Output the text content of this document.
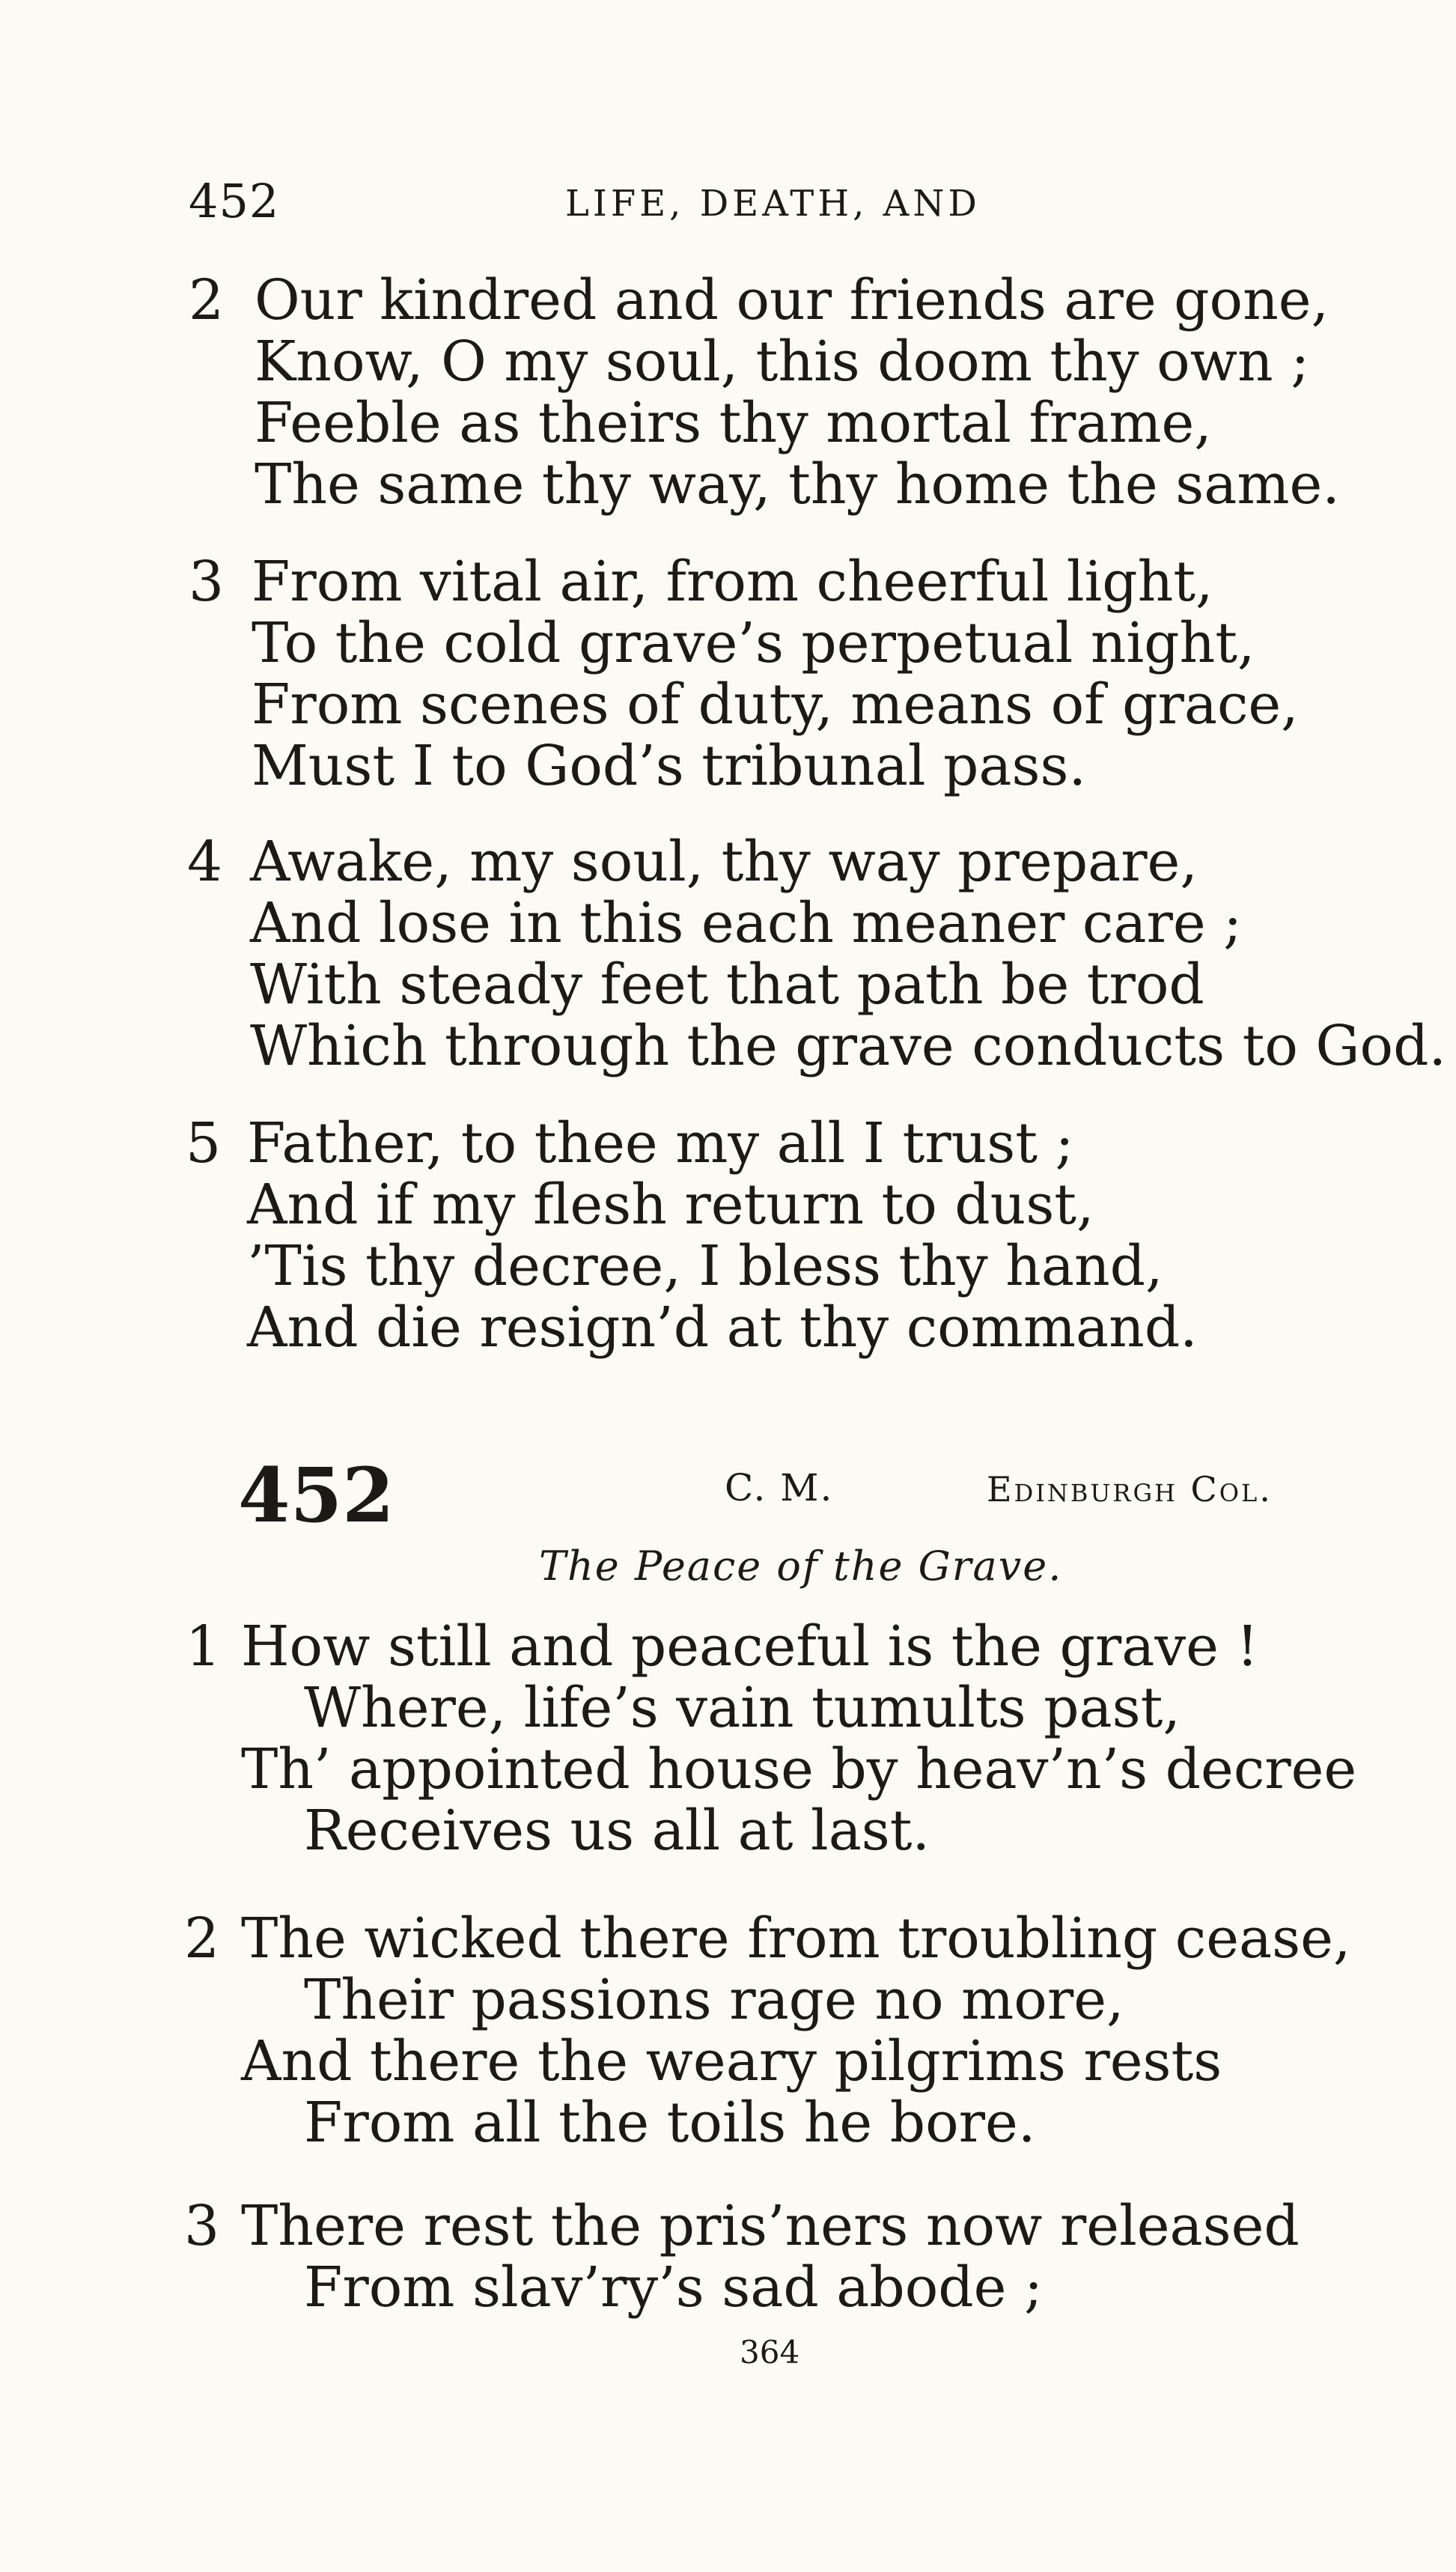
452	LIFE, DEATH, AND
2 Our kindred and our friends are gone,
Know, O my soul, this doom thy own ;
Feeble as theirs thy mortal frame,
The same thy way, thy home the same.
3 From vital air, from cheerful light,
To the cold grave’s perpetual night,
From scenes of duty, means of grace,
Must I to God’s tribunal pass.
4 Awake, my soul, thy way prepare,
And lose in this each meaner care ;
With steady feet that path be trod
Which through the grave conducts to God.
5 Father, to thee my all I trust ;
And if my flesh return to dust,
’Tis thy decree, I bless thy hand,
And die resign’d at thy command.
452	C. M.	Edinburgh Col.
The Peace of the Grave.
1 How still and peaceful is the grave !
Where, life’s vain tumults past,
Th’ appointed house by heav’n’s decree
Receives us all at last.
2 The wicked there from troubling cease,
Their passions rage no more,
And there the weary pilgrims rests
From all the toils he bore.
3 There rest the pris’ners now released
From slav’ry’s sad abode ;
364
